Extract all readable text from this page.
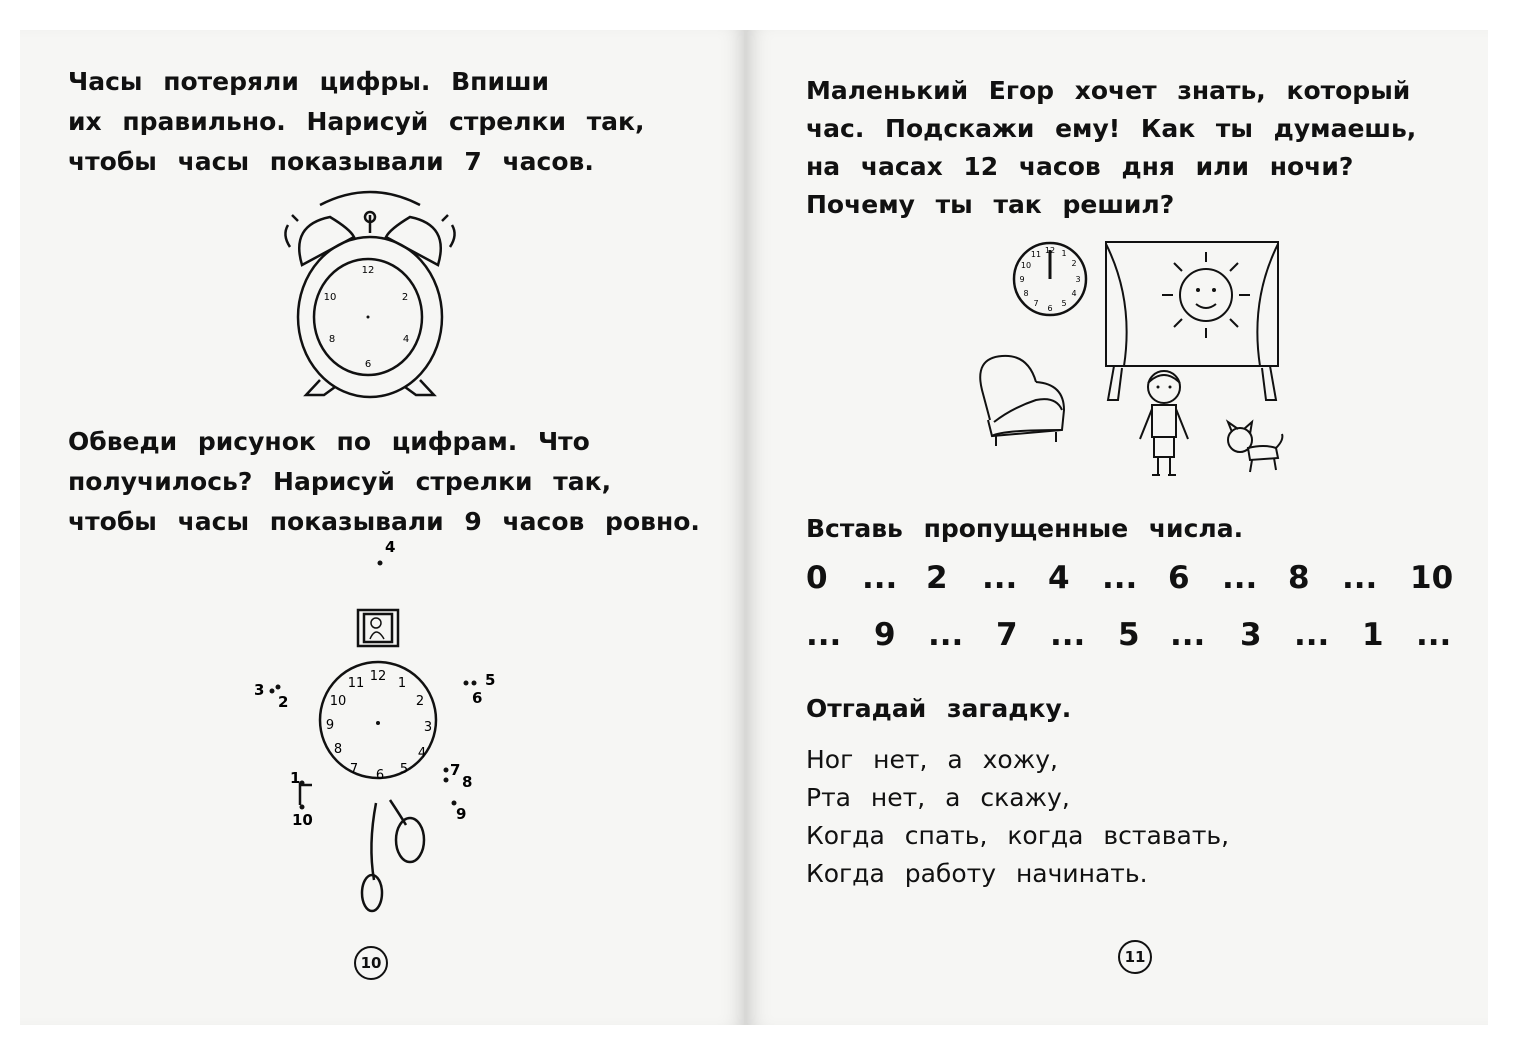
Часы потеряли цифры. Впиши
их правильно. Нарисуй стрелки так,
чтобы часы показывали 7 часов.
12
2
10
8	4
6
Обведи рисунок по цифрам. Что
получилось? Нарисуй стрелки так,
чтобы часы показывали 9 часов ровно.
12 1
2
3
4
5
6
7
8
9
10
11
1
2
3
4
5
6
7
8
9
10
10
Маленький Егор хочет знать, который
час. Подскажи ему! Как ты думаешь,
на часах 12 часов дня или ночи?
Почему ты так решил?
12 1
2
3
4
5
6
7
8
9
10
11
Вставь пропущенные числа.
0 ... 2 ... 4 ... 6 ... 8 ... 10
... 9 ... 7 ... 5 ... 3 ... 1 ...
Отгадай загадку.
Ног нет, а хожу,
Рта нет, а скажу,
Когда спать, когда вставать,
Когда работу начинать.
11
